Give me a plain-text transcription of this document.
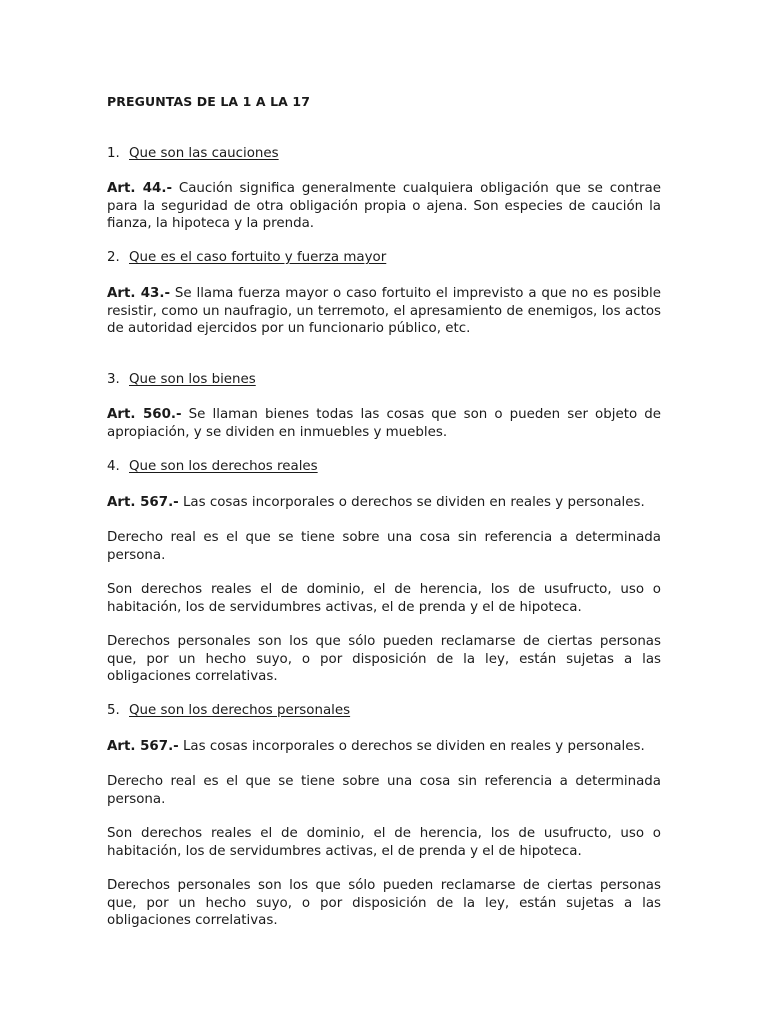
PREGUNTAS DE LA 1 A LA 17
1. Que son las cauciones
Art. 44.- Caución significa generalmente cualquiera obligación que se contrae para la seguridad de otra obligación propia o ajena. Son especies de caución la fianza, la hipoteca y la prenda.
2. Que es el caso fortuito y fuerza mayor
Art. 43.- Se llama fuerza mayor o caso fortuito el imprevisto a que no es posible resistir, como un naufragio, un terremoto, el apresamiento de enemigos, los actos de autoridad ejercidos por un funcionario público, etc.
3. Que son los bienes
Art. 560.- Se llaman bienes todas las cosas que son o pueden ser objeto de apropiación, y se dividen en inmuebles y muebles.
4. Que son los derechos reales
Art. 567.- Las cosas incorporales o derechos se dividen en reales y personales.
Derecho real es el que se tiene sobre una cosa sin referencia a determinada persona.
Son derechos reales el de dominio, el de herencia, los de usufructo, uso o habitación, los de servidumbres activas, el de prenda y el de hipoteca.
Derechos personales son los que sólo pueden reclamarse de ciertas personas que, por un hecho suyo, o por disposición de la ley, están sujetas a las obligaciones correlativas.
5. Que son los derechos personales
Art. 567.- Las cosas incorporales o derechos se dividen en reales y personales.
Derecho real es el que se tiene sobre una cosa sin referencia a determinada persona.
Son derechos reales el de dominio, el de herencia, los de usufructo, uso o habitación, los de servidumbres activas, el de prenda y el de hipoteca.
Derechos personales son los que sólo pueden reclamarse de ciertas personas que, por un hecho suyo, o por disposición de la ley, están sujetas a las obligaciones correlativas.
